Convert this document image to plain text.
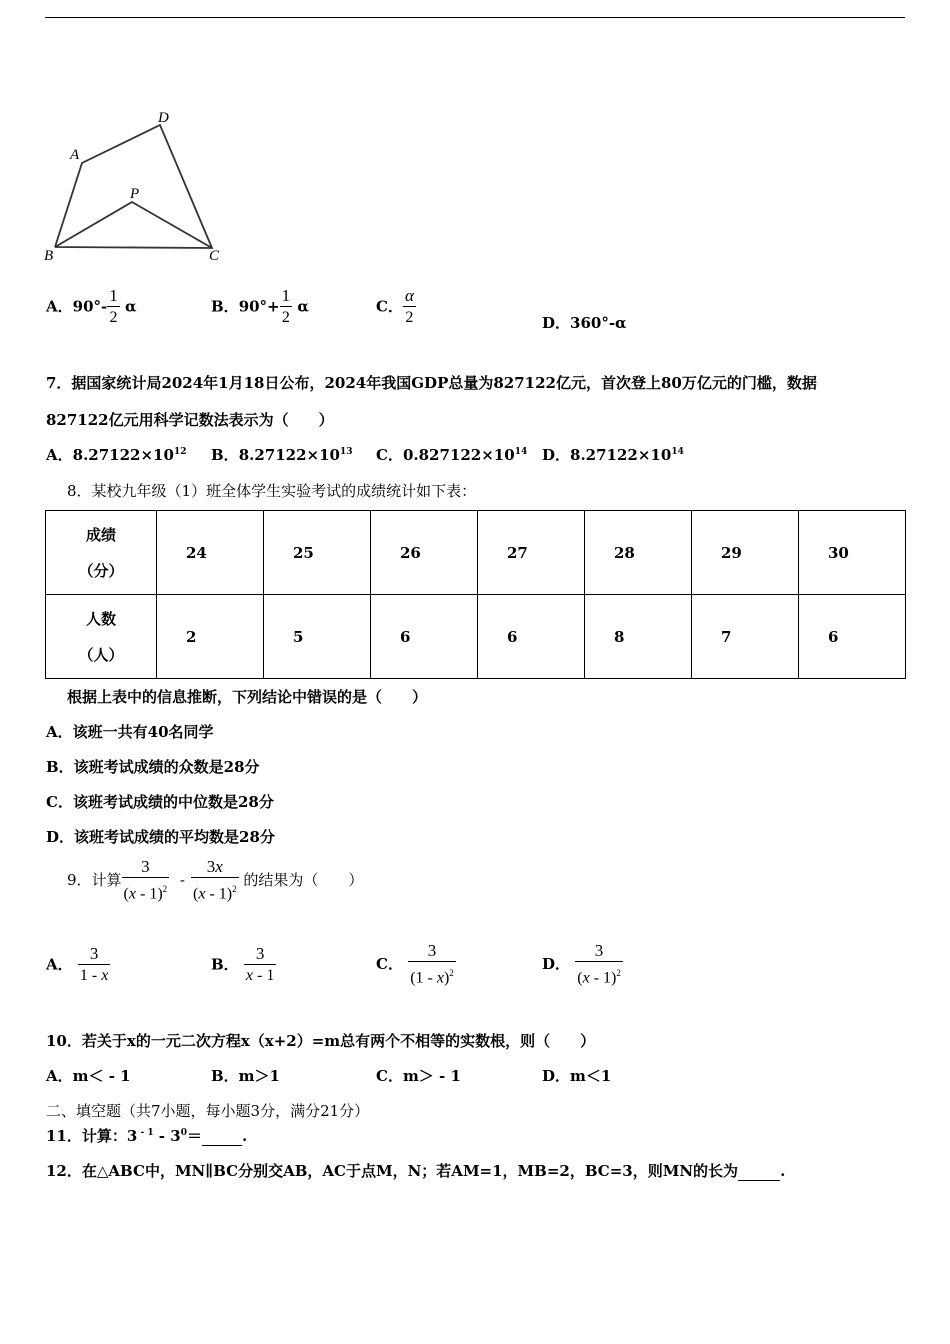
A
D
P
B	C
A．$90^\circ- \frac{1}{2}$ α	B．$90^\circ+ \frac{1}{2}$ α	C． $\frac{\alpha}{2}$	D．360°-α
7．据国家统计局2024年1月18日公布，2024年我国GDP总量为827122亿元，首次登上80万亿元的门槛，数据
827122亿元用科学记数法表示为（　　）
A．$8.27122\times 10^{12}$ B．$8.27122\times 10^{13}$ C．$0.827122\times 10^{14}$ D．$8.27122\times 10^{14}$
8．某校九年级（1）班全体学生实验考试的成绩统计如下表：
成绩
（分）	24	25	26	27	28	29	30

人数
（人）	2	5	6	6	8	7	6
根据上表中的信息推断，下列结论中错误的是（　　）
A．该班一共有40名同学
B．该班考试成绩的众数是28分
C．该班考试成绩的中位数是28分
D．该班考试成绩的平均数是28分
9．计算 $\frac{3}{(x - 1)^2} - \frac{3x}{(x - 1)^2}$ 的结果为（　　）
A． $\frac{3}{1 - x}$	B． $\frac{3}{x - 1}$	C． $\frac{3}{(1 - x)^2}$	D． $\frac{3}{(x - 1)^2}$
10．若关于x的一元二次方程x（x+2）=m总有两个不相等的实数根，则（　　）
A．m＜ - 1	B．m＞1	C．m＞ - 1	D．m＜1
二、填空题（共7小题，每小题3分，满分21分）
11．计算：3 $^{- 1} - 3^0=$	.
12．在△ABC中，MN∥BC分别交AB，AC于点M，N；若AM=1，MB=2，BC=3，则MN的长为	.
